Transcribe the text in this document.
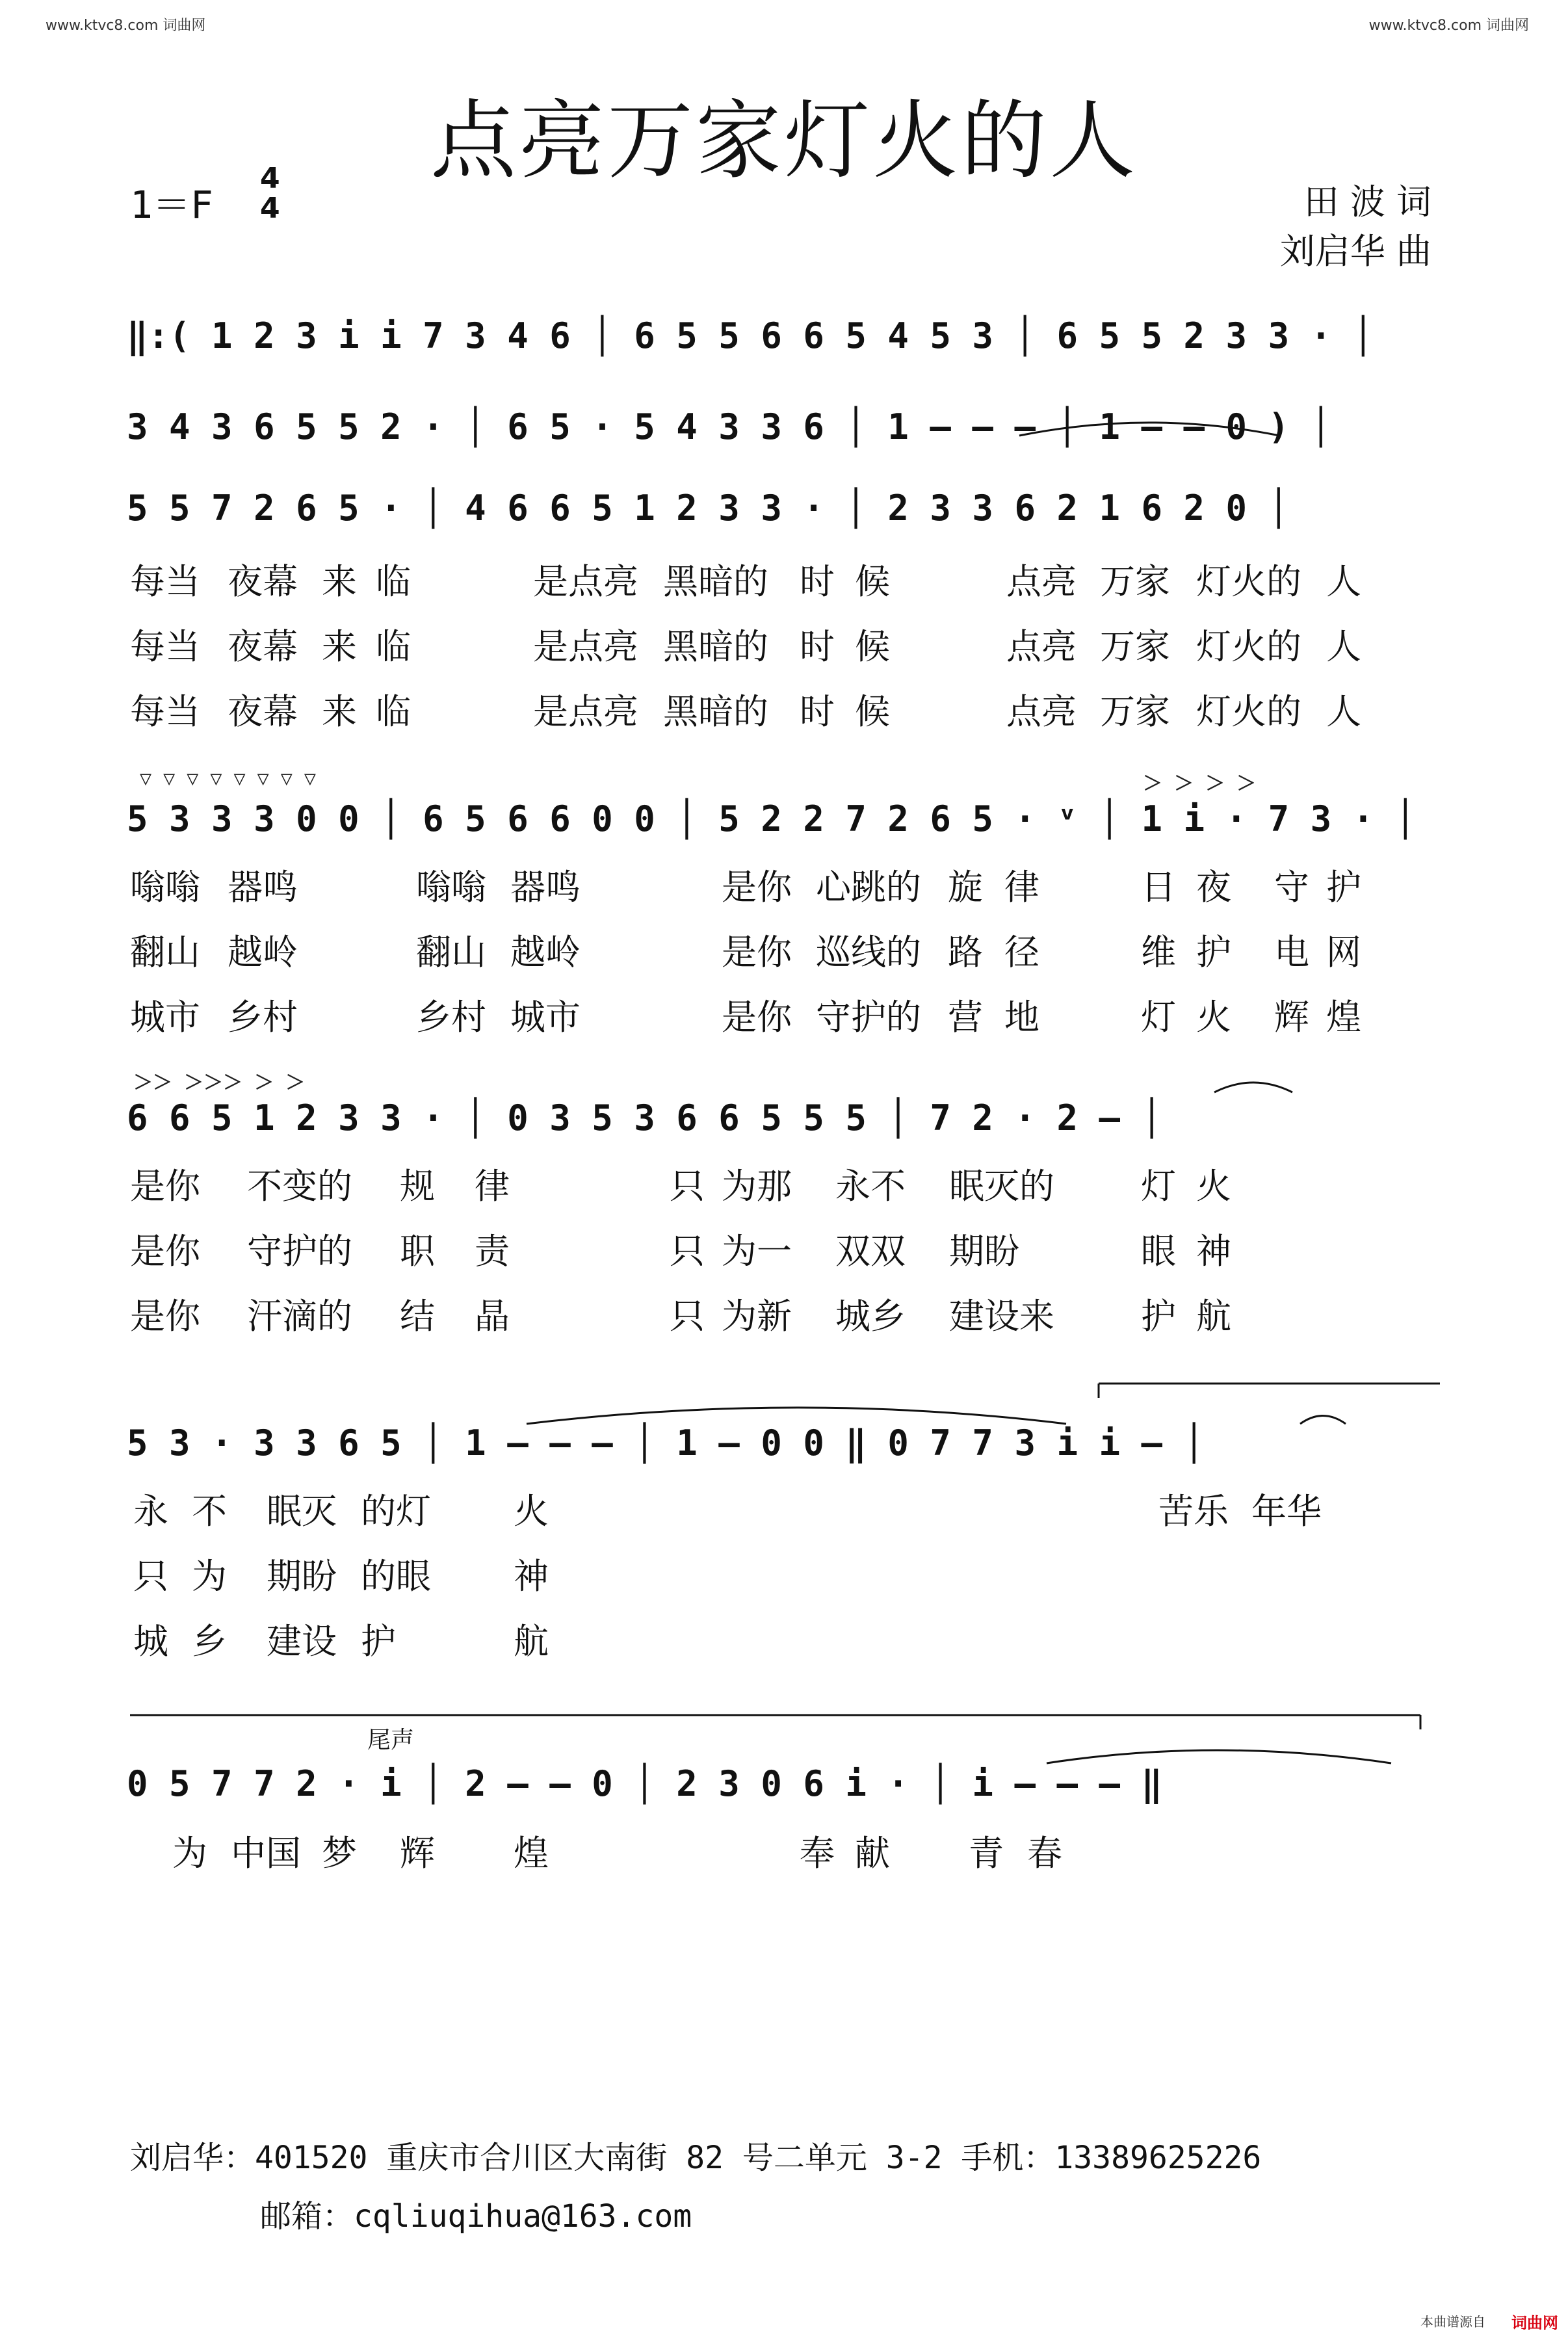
www.ktvc8.com 词曲网	www.ktvc8.com 词曲网
点亮万家灯火的人
1＝F
4
4	田 波 词
刘启华 曲
‖:( 1 2 3 i i 7 3 4 6 │ 6 5 5 6 6 5 4 5 3 │ 6 5 5 2 3 3 · │
3 4 3 6 5 5 2 · │ 6 5 · 5 4 3 3 6 │ 1 – – – │ 1 – – 0 ) │
5 5 7 2 6 5 · │ 4 6 6 5 1 2 3 3 · │ 2 3 3 6 2 1 6 2 0 │
每当 夜幕 来 临	是点亮 黑暗的 时 候	点亮 万家 灯火的 人
每当 夜幕 来 临	是点亮 黑暗的 时 候	点亮 万家 灯火的 人
每当 夜幕 来 临	是点亮 黑暗的 时 候	点亮 万家 灯火的 人
▽ ▽ ▽ ▽ ▽ ▽ ▽ ▽	＞ ＞ ＞ ＞
5 3 3 3 0 0 │ 6 5 6 6 0 0 │ 5 2 2 7 2 6 5 · ᵛ │ 1 i · 7 3 · │
嗡嗡 器鸣	嗡嗡 器鸣	是你 心跳的 旋 律	日 夜 守 护
翻山 越岭	翻山 越岭	是你 巡线的 路 径	维 护 电 网
城市 乡村	乡村 城市	是你 守护的 营 地	灯 火 辉 煌
＞＞ ＞＞＞ ＞ ＞
6 6 5 1 2 3 3 · │ 0 3 5 3 6 6 5 5 5 │ 7 2 · 2 – │
是你 不变的 规 律	只 为那 永不 眠灭的 灯 火
是你 守护的 职 责	只 为一 双双 期盼	眼 神
是你 汗滴的 结 晶	只 为新 城乡 建设来 护 航
5 3 · 3 3 6 5 │ 1 – – – │ 1 – 0 0 ‖ 0 7 7 3 i i – │
永 不 眠灭 的灯 火	苦乐 年华
只 为 期盼 的眼 神
城 乡 建设 护	航
尾声
0 5 7 7 2 · i │ 2 – – 0 │ 2 3 0 6 i · │ i – – – ‖
为 中国 梦 辉 煌	奉 献 青 春
刘启华：401520 重庆市合川区大南街 82 号二单元 3-2 手机：13389625226
邮箱：cqliuqihua@163.com
本曲谱源自 词曲网
